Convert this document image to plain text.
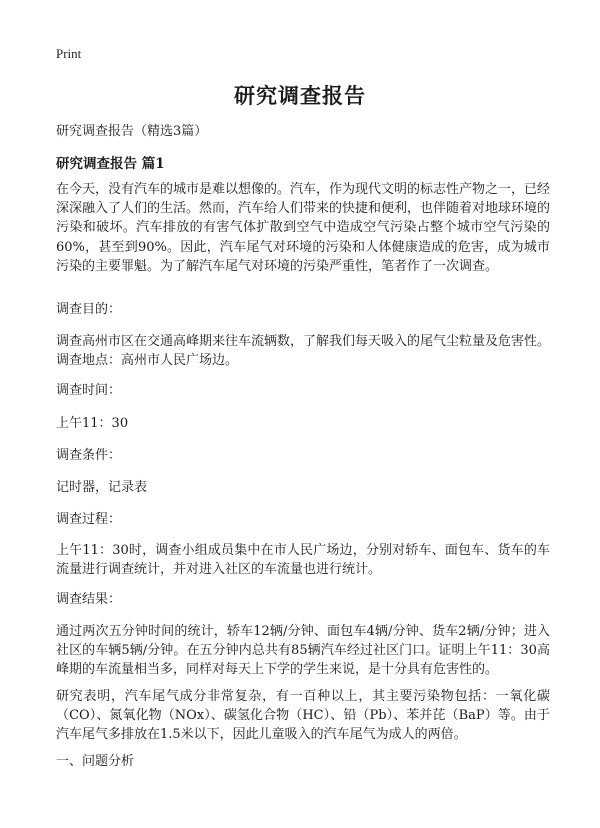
Print
研究调查报告
研究调查报告（精选3篇）
研究调查报告 篇1

在今天，没有汽车的城市是难以想像的。汽车，作为现代文明的标志性产物之一，已经深深融入了人们的生活。然而，汽车给人们带来的快捷和便利，也伴随着对地球环境的污染和破坏。汽车排放的有害气体扩散到空气中造成空气污染占整个城市空气污染的60%，甚至到90%。因此，汽车尾气对环境的污染和人体健康造成的危害，成为城市污染的主要罪魁。为了解汽车尾气对环境的污染严重性，笔者作了一次调查。

调查目的：

调查高州市区在交通高峰期来往车流辆数，了解我们每天吸入的尾气尘粒量及危害性。调查地点：高州市人民广场边。

调查时间：

上午11：30

调查条件：

记时器，记录表

调查过程：

上午11：30时，调查小组成员集中在市人民广场边，分别对轿车、面包车、货车的车流量进行调查统计，并对进入社区的车流量也进行统计。

调查结果：

通过两次五分钟时间的统计，轿车12辆/分钟、面包车4辆/分钟、货车2辆/分钟；进入社区的车辆5辆/分钟。在五分钟内总共有85辆汽车经过社区门口。证明上午11：30高峰期的车流量相当多，同样对每天上下学的学生来说，是十分具有危害性的。

研究表明，汽车尾气成分非常复杂，有一百种以上，其主要污染物包括：一氧化碳（CO）、氮氧化物（NOx）、碳氢化合物（HC）、铅（Pb）、苯并芘（BaP）等。由于汽车尾气多排放在1.5米以下，因此儿童吸入的汽车尾气为成人的两倍。

一、问题分析
